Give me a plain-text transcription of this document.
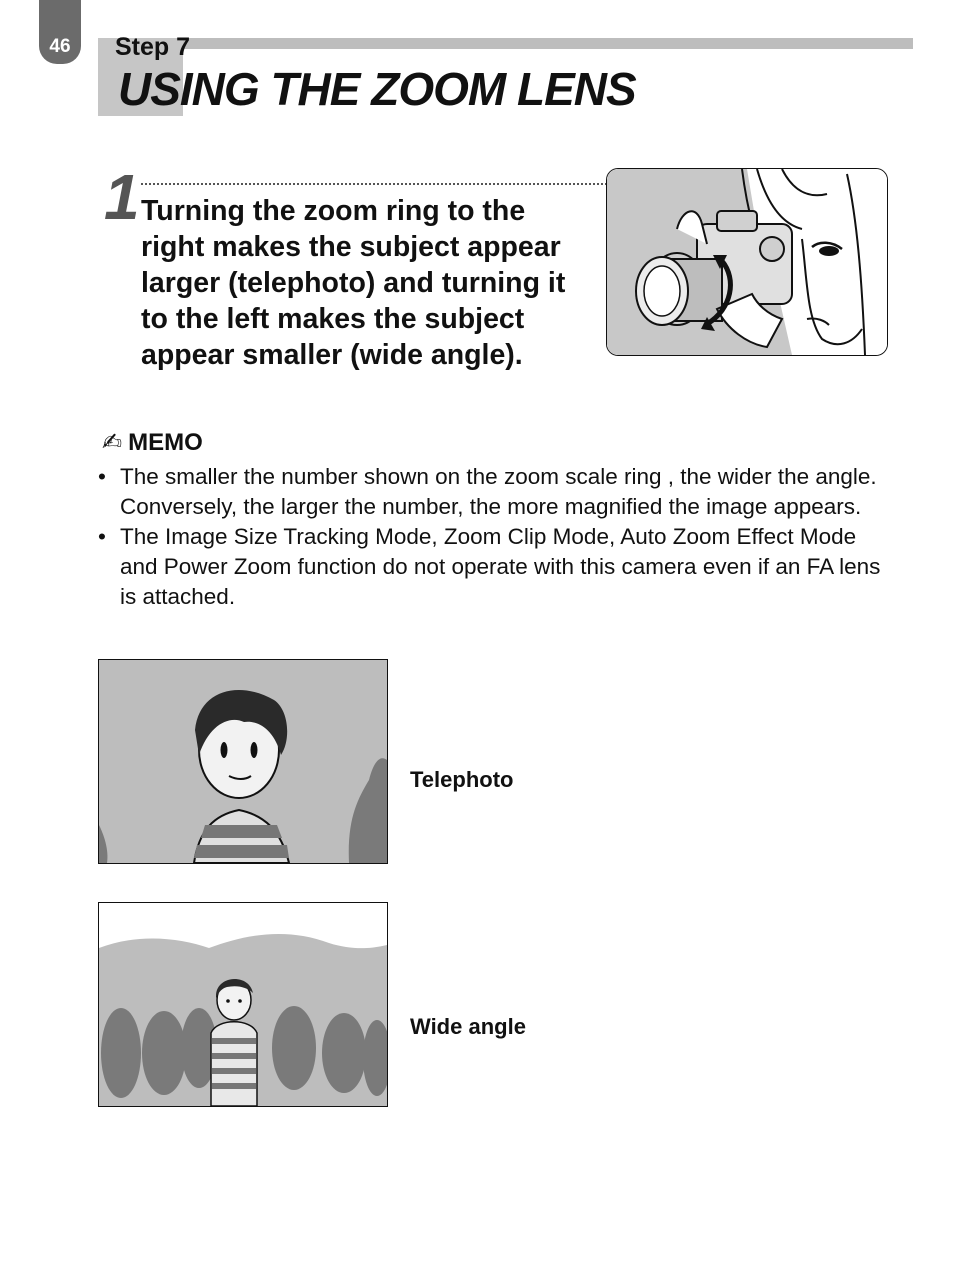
46	Step 7
USING THE ZOOM LENS
1 Turning the zoom ring to the right makes the subject appear larger (telephoto) and turning it to the left makes the subject appear smaller (wide angle).

✍ MEMO
• The smaller the number shown on the zoom scale ring , the wider the angle. Conversely, the larger the number, the more magnified the image appears.
• The Image Size Tracking Mode, Zoom Clip Mode, Auto Zoom Effect Mode and Power Zoom function do not operate with this camera even if an FA lens is attached.
Telephoto
Wide angle
